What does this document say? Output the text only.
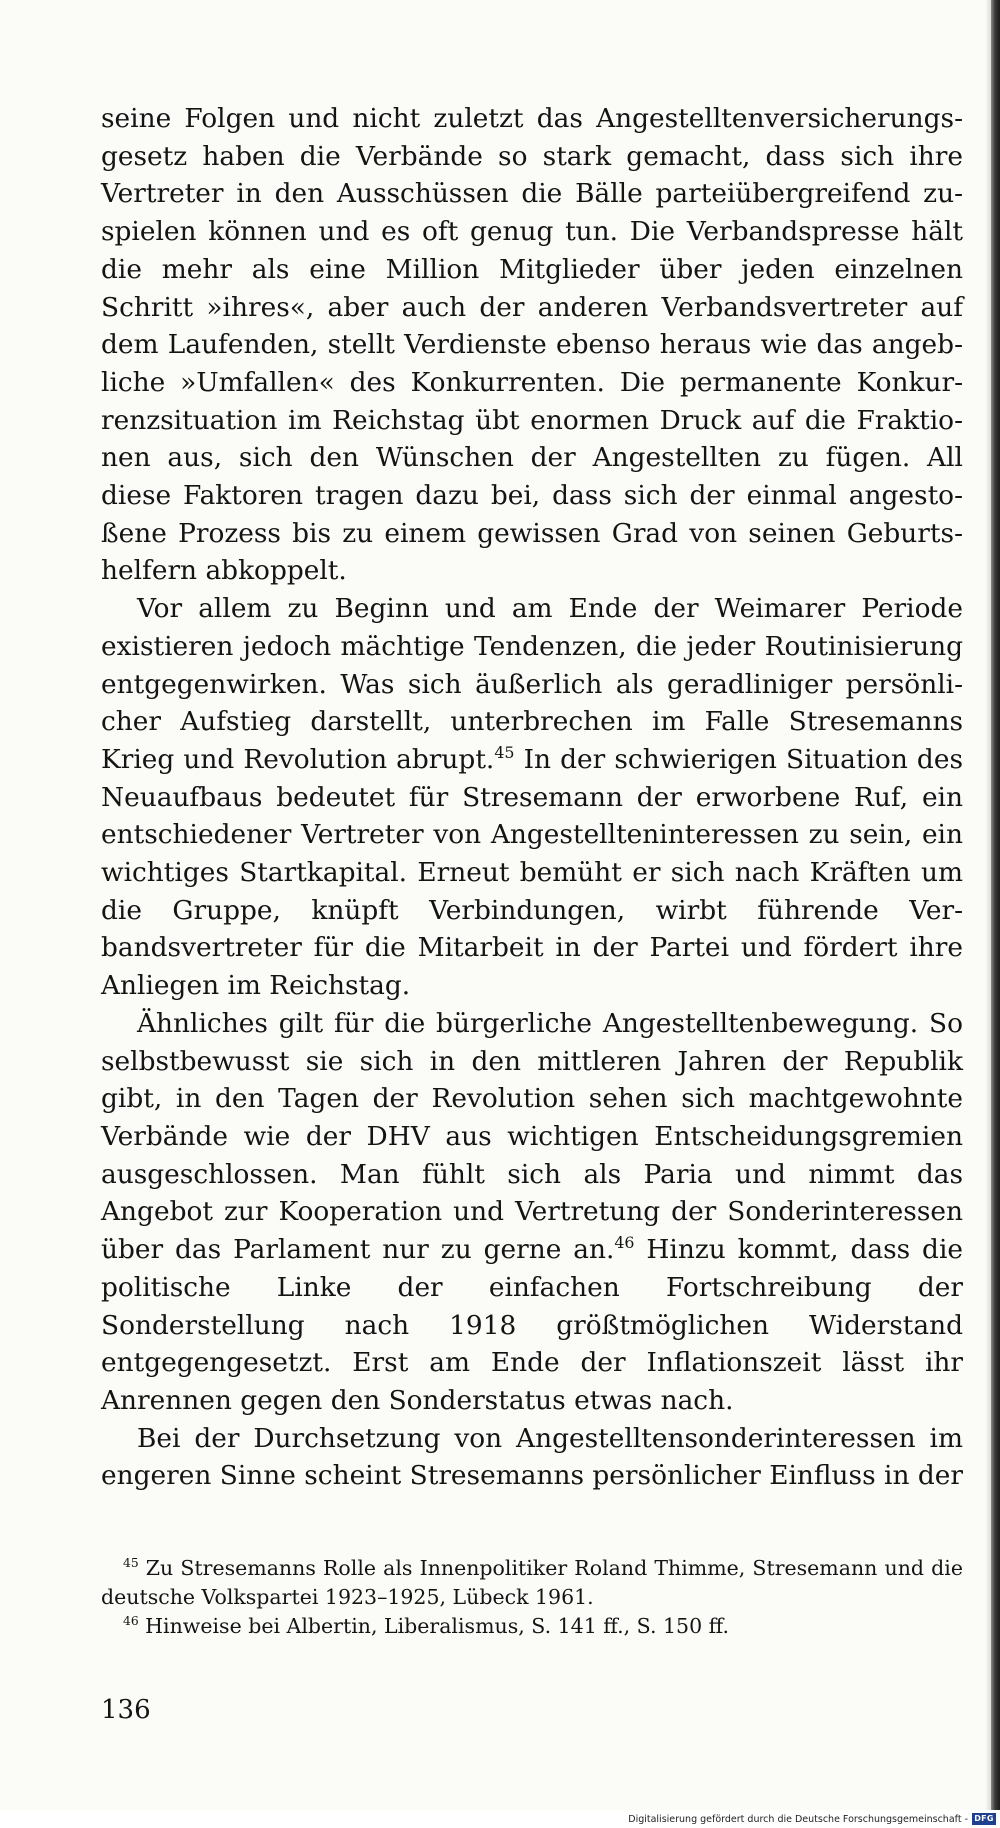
seine Folgen und nicht zuletzt das Angestelltenversicherungsgesetz haben die Verbände so stark gemacht, dass sich ihre Vertreter in den Ausschüssen die Bälle parteiübergreifend zuspielen können und es oft genug tun. Die Verbandspresse hält die mehr als eine Million Mitglieder über jeden einzelnen Schritt »ihres«, aber auch der anderen Verbandsvertreter auf dem Laufenden, stellt Verdienste ebenso heraus wie das angebliche »Umfallen« des Konkurrenten. Die permanente Konkurrenzsituation im Reichstag übt enormen Druck auf die Fraktionen aus, sich den Wünschen der Angestellten zu fügen. All diese Faktoren tragen dazu bei, dass sich der einmal angestoßene Prozess bis zu einem gewissen Grad von seinen Geburtshelfern abkoppelt.

Vor allem zu Beginn und am Ende der Weimarer Periode existieren jedoch mächtige Tendenzen, die jeder Routinisierung entgegenwirken. Was sich äußerlich als geradliniger persönlicher Aufstieg darstellt, unterbrechen im Falle Stresemanns Krieg und Revolution abrupt.$^{45}$ In der schwierigen Situation des Neuaufbaus bedeutet für Stresemann der erworbene Ruf, ein entschiedener Vertreter von Angestellteninteressen zu sein, ein wichtiges Startkapital. Erneut bemüht er sich nach Kräften um die Gruppe, knüpft Verbindungen, wirbt führende Verbandsvertreter für die Mitarbeit in der Partei und fördert ihre Anliegen im Reichstag.

Ähnliches gilt für die bürgerliche Angestelltenbewegung. So selbstbewusst sie sich in den mittleren Jahren der Republik gibt, in den Tagen der Revolution sehen sich machtgewohnte Verbände wie der DHV aus wichtigen Entscheidungsgremien ausgeschlossen. Man fühlt sich als Paria und nimmt das Angebot zur Kooperation und Vertretung der Sonderinteressen über das Parlament nur zu gerne an.$^{46}$ Hinzu kommt, dass die politische Linke der einfachen Fortschreibung der Sonderstellung nach 1918 größtmöglichen Widerstand entgegengesetzt. Erst am Ende der Inflationszeit lässt ihr Anrennen gegen den Sonderstatus etwas nach.

Bei der Durchsetzung von Angestelltensonderinteressen im engeren Sinne scheint Stresemanns persönlicher Einfluss in der

$^{45}$ Zu Stresemanns Rolle als Innenpolitiker Roland Thimme, Stresemann und die deutsche Volkspartei 1923–1925, Lübeck 1961.

$^{46}$ Hinweise bei Albertin, Liberalismus, S. 141 ff., S. 150 ff.

136
Digitalisierung gefördert durch die Deutsche Forschungsgemeinschaft - DFG
